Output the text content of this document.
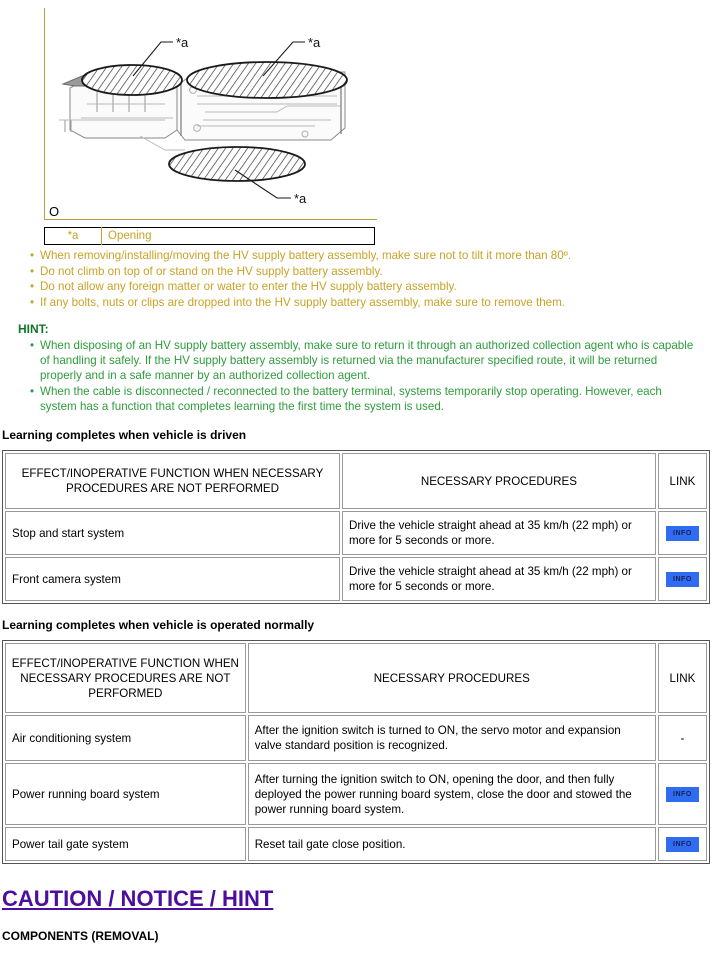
*a	*a
*a
O
*a	Opening
• When removing/installing/moving the HV supply battery assembly, make sure not to tilt it more than 80º.
• Do not climb on top of or stand on the HV supply battery assembly.
• Do not allow any foreign matter or water to enter the HV supply battery assembly.
• If any bolts, nuts or clips are dropped into the HV supply battery assembly, make sure to remove them.
HINT:
• When disposing of an HV supply battery assembly, make sure to return it through an authorized collection agent who is capable of handling it safely. If the HV supply battery assembly is returned via the manufacturer specified route, it will be returned properly and in a safe manner by an authorized collection agent.
• When the cable is disconnected / reconnected to the battery terminal, systems temporarily stop operating. However, each system has a function that completes learning the first time the system is used.
Learning completes when vehicle is driven
EFFECT/INOPERATIVE FUNCTION WHEN NECESSARY PROCEDURES ARE NOT PERFORMED	NECESSARY PROCEDURES	LINK
Stop and start system	Drive the vehicle straight ahead at 35 km/h (22 mph) or more for 5 seconds or more.	INFO
Front camera system	Drive the vehicle straight ahead at 35 km/h (22 mph) or more for 5 seconds or more.	INFO
Learning completes when vehicle is operated normally
EFFECT/INOPERATIVE FUNCTION WHEN NECESSARY PROCEDURES ARE NOT PERFORMED	NECESSARY PROCEDURES	LINK
Air conditioning system	After the ignition switch is turned to ON, the servo motor and expansion valve standard position is recognized.	-
Power running board system	After turning the ignition switch to ON, opening the door, and then fully deployed the power running board system, close the door and stowed the power running board system.	INFO
Power tail gate system	Reset tail gate close position.	INFO
CAUTION / NOTICE / HINT
COMPONENTS (REMOVAL)
